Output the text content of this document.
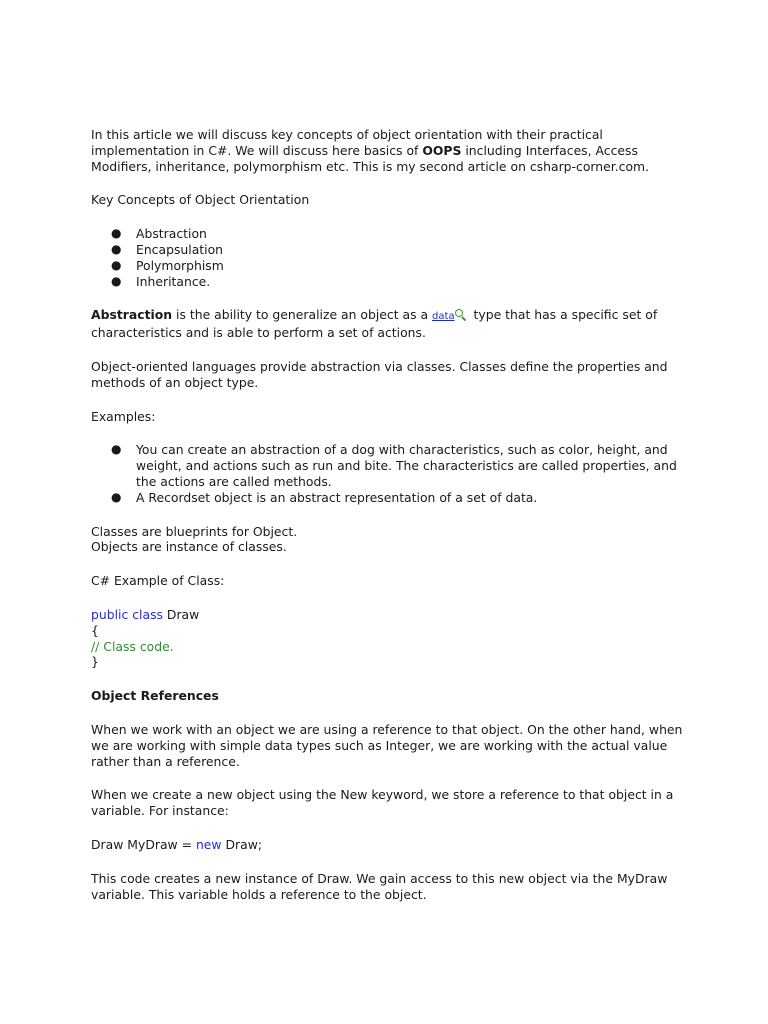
In this article we will discuss key concepts of object orientation with their practical implementation in C#. We will discuss here basics of OOPS including Interfaces, Access Modifiers, inheritance, polymorphism etc. This is my second article on csharp-corner.com.

Key Concepts of Object Orientation

● Abstraction
● Encapsulation
● Polymorphism
● Inheritance.

Abstraction is the ability to generalize an object as a data
type that has a specific set of characteristics and is able to perform a set of actions.

Object-oriented languages provide abstraction via classes. Classes define the properties and methods of an object type.

Examples:

● You can create an abstraction of a dog with characteristics, such as color, height, and weight, and actions such as run and bite. The characteristics are called properties, and the actions are called methods.
● A Recordset object is an abstract representation of a set of data.

Classes are blueprints for Object.

Objects are instance of classes.

C# Example of Class:

public class Draw
{
// Class code.
}

Object References

When we work with an object we are using a reference to that object. On the other hand, when we are working with simple data types such as Integer, we are working with the actual value rather than a reference.

When we create a new object using the New keyword, we store a reference to that object in a variable. For instance:

Draw MyDraw = new Draw;

This code creates a new instance of Draw. We gain access to this new object via the MyDraw variable. This variable holds a reference to the object.
